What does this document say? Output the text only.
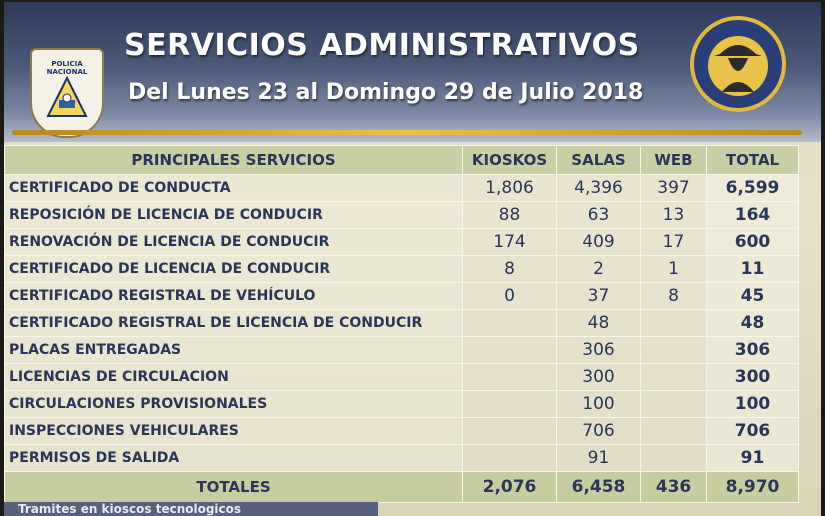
POLICIA NACIONAL
SERVICIOS ADMINISTRATIVOS
Del Lunes 23 al Domingo 29 de Julio 2018
PRINCIPALES SERVICIOS	KIOSKOS	SALAS	WEB	TOTAL
CERTIFICADO DE CONDUCTA	1,806	4,396	397	6,599
REPOSICIÓN DE LICENCIA DE CONDUCIR	88	63	13	164
RENOVACIÓN DE LICENCIA DE CONDUCIR	174	409	17	600
CERTIFICADO DE LICENCIA DE CONDUCIR	8	2	1	11
CERTIFICADO REGISTRAL DE VEHÍCULO	0	37	8	45
CERTIFICADO REGISTRAL DE LICENCIA DE CONDUCIR		48		48
PLACAS ENTREGADAS		306		306
LICENCIAS DE CIRCULACION		300		300
CIRCULACIONES PROVISIONALES		100		100
INSPECCIONES VEHICULARES		706		706
PERMISOS DE SALIDA		91		91
TOTALES	2,076	6,458	436	8,970
Tramites en kioscos tecnologicos
